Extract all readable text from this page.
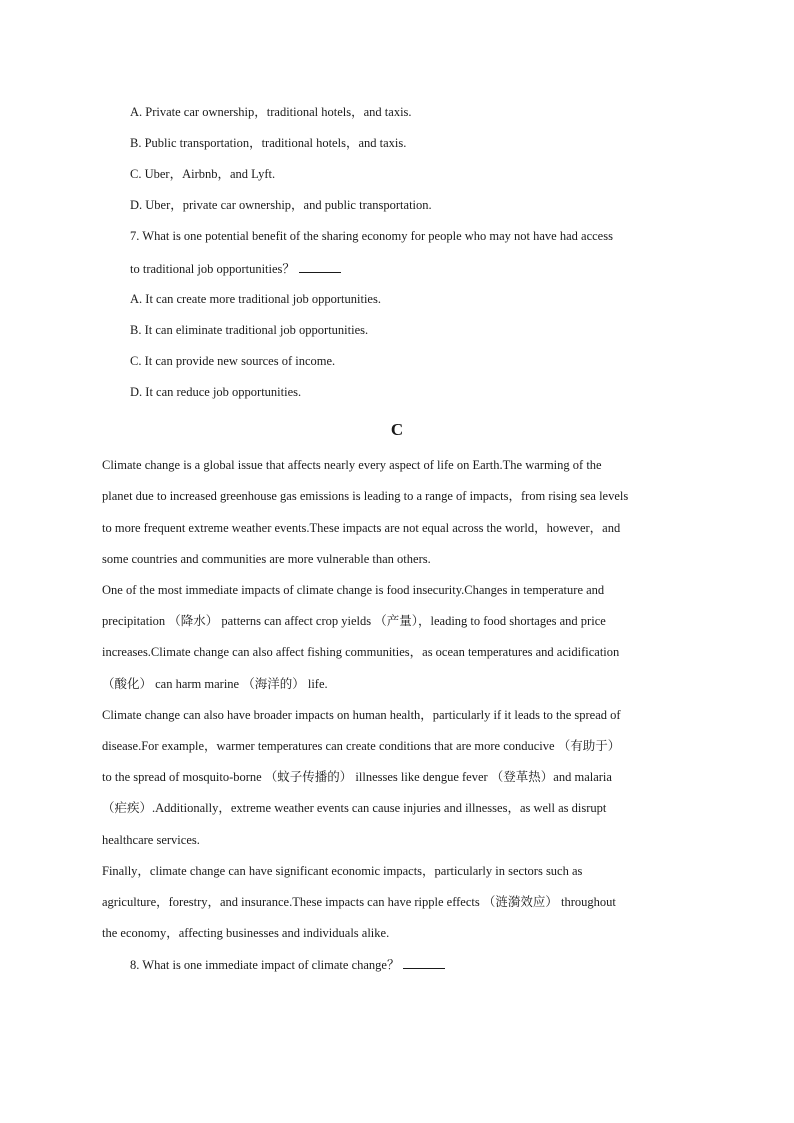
A. Private car ownership，traditional hotels，and taxis.
B. Public transportation，traditional hotels，and taxis.
C. Uber，Airbnb，and Lyft.
D. Uber，private car ownership，and public transportation.
7. What is one potential benefit of the sharing economy for people who may not have had access
to traditional job opportunities？
A. It can create more traditional job opportunities.
B. It can eliminate traditional job opportunities.
C. It can provide new sources of income.
D. It can reduce job opportunities.
C
Climate change is a global issue that affects nearly every aspect of life on Earth.The warming of the
planet due to increased greenhouse gas emissions is leading to a range of impacts，from rising sea levels
to more frequent extreme weather events.These impacts are not equal across the world，however，and
some countries and communities are more vulnerable than others.
One of the most immediate impacts of climate change is food insecurity.Changes in temperature and
precipitation （降水） patterns can affect crop yields （产量），leading to food shortages and price
increases.Climate change can also affect fishing communities，as ocean temperatures and acidification
（酸化） can harm marine （海洋的） life.
Climate change can also have broader impacts on human health，particularly if it leads to the spread of
disease.For example，warmer temperatures can create conditions that are more conducive （有助于）
to the spread of mosquito-borne （蚊子传播的） illnesses like dengue fever （登革热）and malaria
（疟疾）.Additionally，extreme weather events can cause injuries and illnesses，as well as disrupt
healthcare services.
Finally，climate change can have significant economic impacts，particularly in sectors such as
agriculture，forestry，and insurance.These impacts can have ripple effects （涟漪效应） throughout
the economy，affecting businesses and individuals alike.
8. What is one immediate impact of climate change？
